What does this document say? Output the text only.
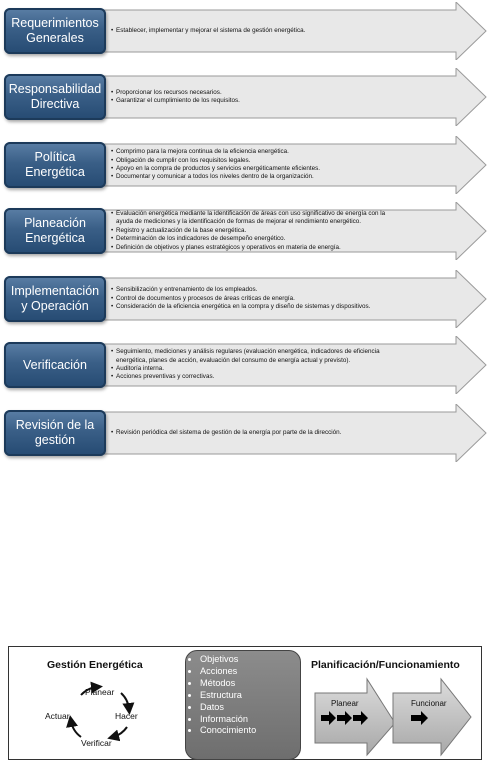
Requerimientos
Generales
• Establecer, implementar y mejorar el sistema de gestión energética.
Responsabilidad
Directiva
• Proporcionar los recursos necesarios.
• Garantizar el cumplimiento de los requisitos.
Política
Energética
• Comprimo para la mejora continua de la eficiencia energética.
• Obligación de cumplir con los requisitos legales.
• Apoyo en la compra de productos y servicios energéticamente eficientes.
• Documentar y comunicar a todos los niveles dentro de la organización.
Planeación
Energética
• Evaluación energética mediante la identificación de áreas con uso significativo de energía con la
ayuda de mediciones y la identificación de formas de mejorar el rendimiento energético.
• Registro y actualización de la base energética.
• Determinación de los indicadores de desempeño energético.
• Definición de objetivos y planes estratégicos y operativos en materia de energía.
Implementación
y Operación
• Sensibilización y entrenamiento de los empleados.
• Control de documentos y procesos de áreas críticas de energía.
• Consideración de la eficiencia energética en la compra y diseño de sistemas y dispositivos.
Verificación
• Seguimiento, mediciones y análisis regulares (evaluación energética, indicadores de eficiencia
energética, planes de acción, evaluación del consumo de energía actual y previsto).
• Auditoría interna.
• Acciones preventivas y correctivas.
Revisión de la
gestión
• Revisión periódica del sistema de gestión de la energía por parte de la dirección.
Gestión Energética
Planear
Hacer
Verificar
Actuar
Planificación/Funcionamiento
Planear	Funcionar
• Objetivos
• Acciones
• Métodos
• Estructura
• Datos
• Información
• Conocimiento
